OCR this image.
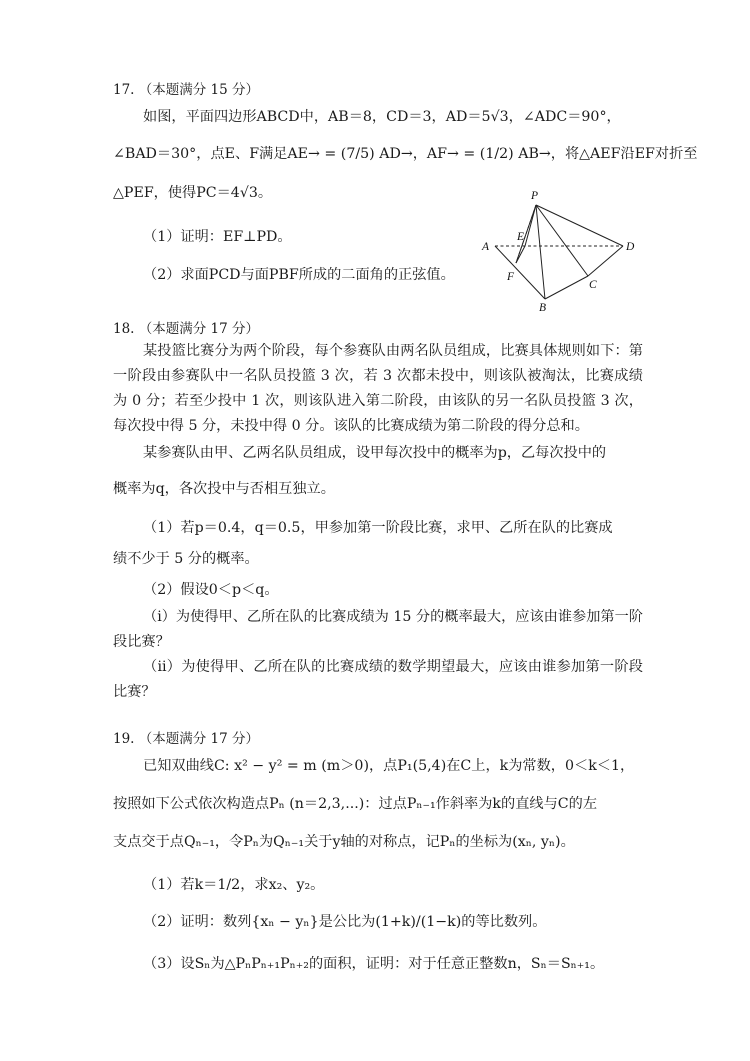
17. （本题满分 15 分）
如图，平面四边形ABCD中，AB＝8，CD＝3，AD＝5√3，∠ADC＝90°，
∠BAD＝30°，点E、F满足AE→ = (7/5) AD→，AF→ = (1/2) AB→，将△AEF沿EF对折至
△PEF，使得PC＝4√3。
（1）证明：EF⊥PD。
（2）求面PCD与面PBF所成的二面角的正弦值。
P
A
E
D
F
C
B
18. （本题满分 17 分）
某投篮比赛分为两个阶段，每个参赛队由两名队员组成，比赛具体规则如下：第一阶段由参赛队中一名队员投篮 3 次，若 3 次都未投中，则该队被淘汰，比赛成绩为 0 分；若至少投中 1 次，则该队进入第二阶段，由该队的另一名队员投篮 3 次，每次投中得 5 分，未投中得 0 分。该队的比赛成绩为第二阶段的得分总和。
某参赛队由甲、乙两名队员组成，设甲每次投中的概率为p，乙每次投中的
概率为q，各次投中与否相互独立。
（1）若p＝0.4，q＝0.5，甲参加第一阶段比赛，求甲、乙所在队的比赛成
绩不少于 5 分的概率。
（2）假设0＜p＜q。
（i）为使得甲、乙所在队的比赛成绩为 15 分的概率最大，应该由谁参加第一阶段比赛？
（ii）为使得甲、乙所在队的比赛成绩的数学期望最大，应该由谁参加第一阶段比赛？
19. （本题满分 17 分）
已知双曲线C: x² − y² = m (m＞0)，点P₁(5,4)在C上，k为常数，0＜k＜1，
按照如下公式依次构造点Pₙ (n＝2,3,...)：过点Pₙ₋₁作斜率为k的直线与C的左
支点交于点Qₙ₋₁，令Pₙ为Qₙ₋₁关于y轴的对称点，记Pₙ的坐标为(xₙ, yₙ)。
（1）若k＝1/2，求x₂、y₂。
（2）证明：数列{xₙ − yₙ}是公比为(1+k)/(1−k)的等比数列。
（3）设Sₙ为△PₙPₙ₊₁Pₙ₊₂的面积，证明：对于任意正整数n，Sₙ＝Sₙ₊₁。
